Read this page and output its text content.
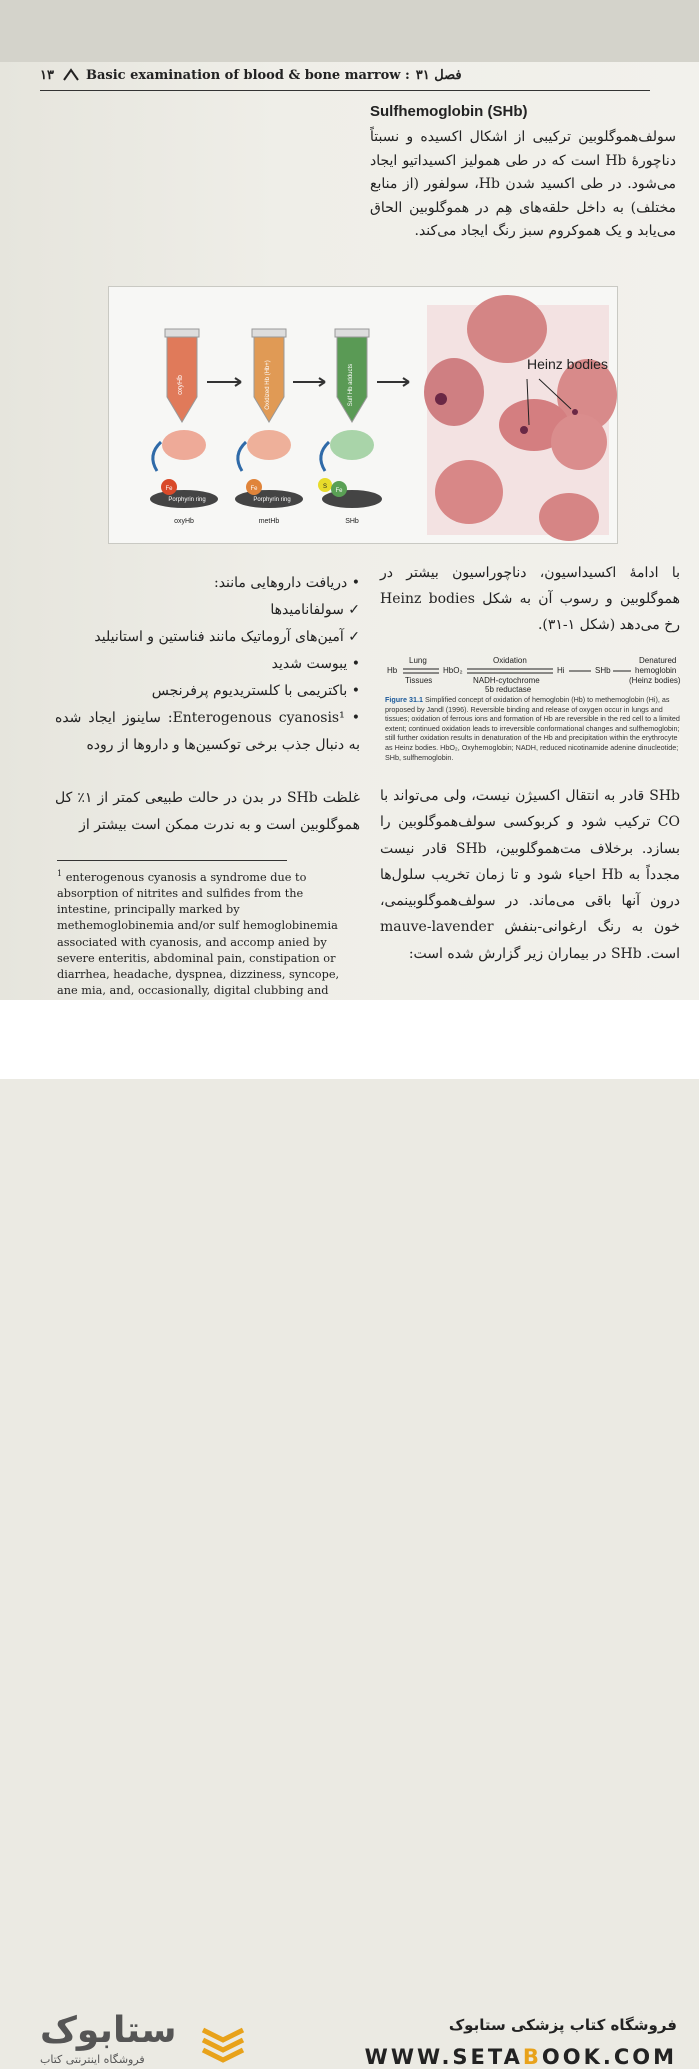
۱۳ Basic examination of blood & bone marrow : فصل ۳۱
Sulfhemoglobin (SHb)
سولف‌هموگلوبین ترکیبی از اشکال اکسیده و نسبتاً دناچورهٔ Hb است که در طی همولیز اکسیداتیو ایجاد می‌شود. در طی اکسید شدن Hb، سولفور (از منابع مختلف) به داخل حلقه‌های هِم در هموگلوبین الحاق می‌یابد و یک هموکروم سبز رنگ ایجاد می‌کند.
oxyHb	Oxidized Hb (Hb+)	Sulf Hb adducts
Fe
Porphyrin ring
oxyHb
Fe
Porphyrin ring
metHb
S
Fe
SHb
Heinz bodies
با ادامهٔ اکسیداسیون، دناچوراسیون بیشتر در هموگلوبین و رسوب آن به شکل Heinz bodies رخ می‌دهد (شکل ۱-۳۱).
Hb
Lung
Tissues
HbO₂
Oxidation
NADH-cytochrome
5b reductase
Hi	SHb
Denatured
hemoglobin
(Heinz bodies)
Figure 31.1 Simplified concept of oxidation of hemoglobin (Hb) to methemoglobin (Hi), as proposed by Jandl (1996). Reversible binding and release of oxygen occur in lungs and tissues; oxidation of ferrous ions and formation of Hb are reversible in the red cell to a limited extent; continued oxidation leads to irreversible conformational changes and sulfhemoglobin; still further oxidation results in denaturation of the Hb and precipitation within the erythrocyte as Heinz bodies. HbO₂, Oxyhemoglobin; NADH, reduced nicotinamide adenine dinucleotide; SHb, sulfhemoglobin.
• دریافت داروهایی مانند:
✓ سولفانامیدها
✓ آمین‌های آروماتیک مانند فناستین و استانیلید
• یبوست شدید
• باکتریمی با کلستریدیوم پرفرنجس
• Enterogenous cyanosis¹: ساینوز ایجاد شده به دنبال جذب برخی توکسین‌ها و داروها از روده
غلظت SHb در بدن در حالت طبیعی کمتر از ۱٪ کل هموگلوبین است و به ندرت ممکن است بیشتر از
$^1$ enterogenous cyanosis a syndrome due to absorption of nitrites and sulfides from the intestine, principally marked by methemoglobinemia and/or sulf hemoglobinemia associated with cyanosis, and accomp anied by severe enteritis, abdominal pain, constipation or diarrhea, headache, dyspnea, dizziness, syncope, ane mia, and, occasionally, digital clubbing and
SHb قادر به انتقال اکسیژن نیست، ولی می‌تواند با CO ترکیب شود و کربوکسی سولف‌هموگلوبین را بسازد. برخلاف مت‌هموگلوبین، SHb قادر نیست مجدداً به Hb احیاء شود و تا زمان تخریب سلول‌ها درون آنها باقی می‌ماند. در سولف‌هموگلوبینمی، خون به رنگ ارغوانی-بنفش mauve-lavender است. SHb در بیماران زیر گزارش شده است:
ستابوک
فروشگاه اینترنتی کتاب
فروشگاه کتاب پزشکی ستابوک
WWW.SETABOOK.COM
